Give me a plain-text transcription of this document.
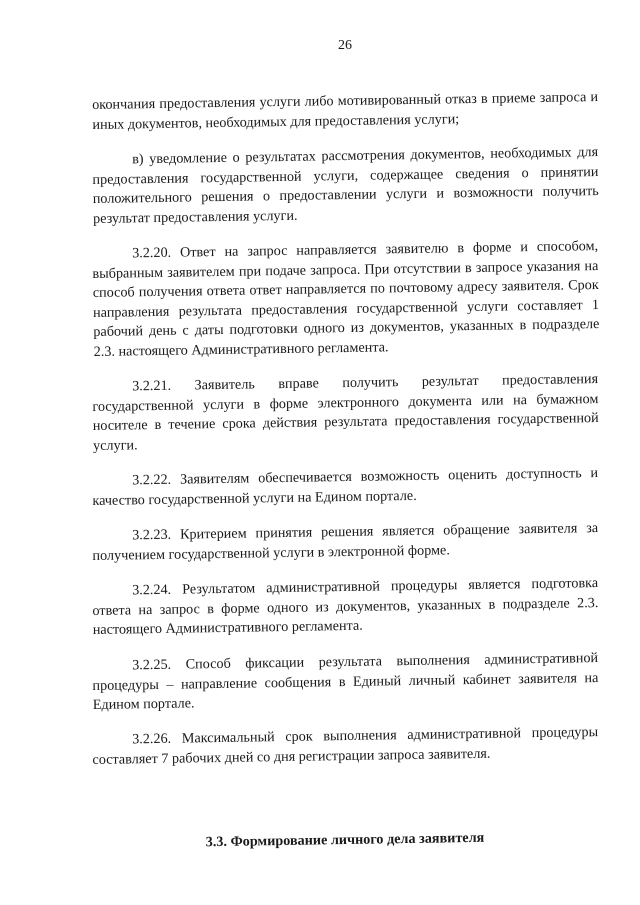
26

окончания предоставления услуги либо мотивированный отказ в приеме запроса и иных документов, необходимых для предоставления услуги;

в) уведомление о результатах рассмотрения документов, необходимых для предоставления государственной услуги, содержащее сведения о принятии положительного решения о предоставлении услуги и возможности получить результат предоставления услуги.

3.2.20. Ответ на запрос направляется заявителю в форме и способом, выбранным заявителем при подаче запроса. При отсутствии в запросе указания на способ получения ответа ответ направляется по почтовому адресу заявителя. Срок направления результата предоставления государственной услуги составляет 1 рабочий день с даты подготовки одного из документов, указанных в подразделе 2.3. настоящего Административного регламента.

3.2.21. Заявитель вправе получить результат предоставления государственной услуги в форме электронного документа или на бумажном носителе в течение срока действия результата предоставления государственной услуги.

3.2.22. Заявителям обеспечивается возможность оценить доступность и качество государственной услуги на Едином портале.

3.2.23. Критерием принятия решения является обращение заявителя за получением государственной услуги в электронной форме.

3.2.24. Результатом административной процедуры является подготовка ответа на запрос в форме одного из документов, указанных в подразделе 2.3. настоящего Административного регламента.

3.2.25. Способ фиксации результата выполнения административной процедуры – направление сообщения в Единый личный кабинет заявителя на Едином портале.

3.2.26. Максимальный срок выполнения административной процедуры составляет 7 рабочих дней со дня регистрации запроса заявителя.

3.3. Формирование личного дела заявителя
